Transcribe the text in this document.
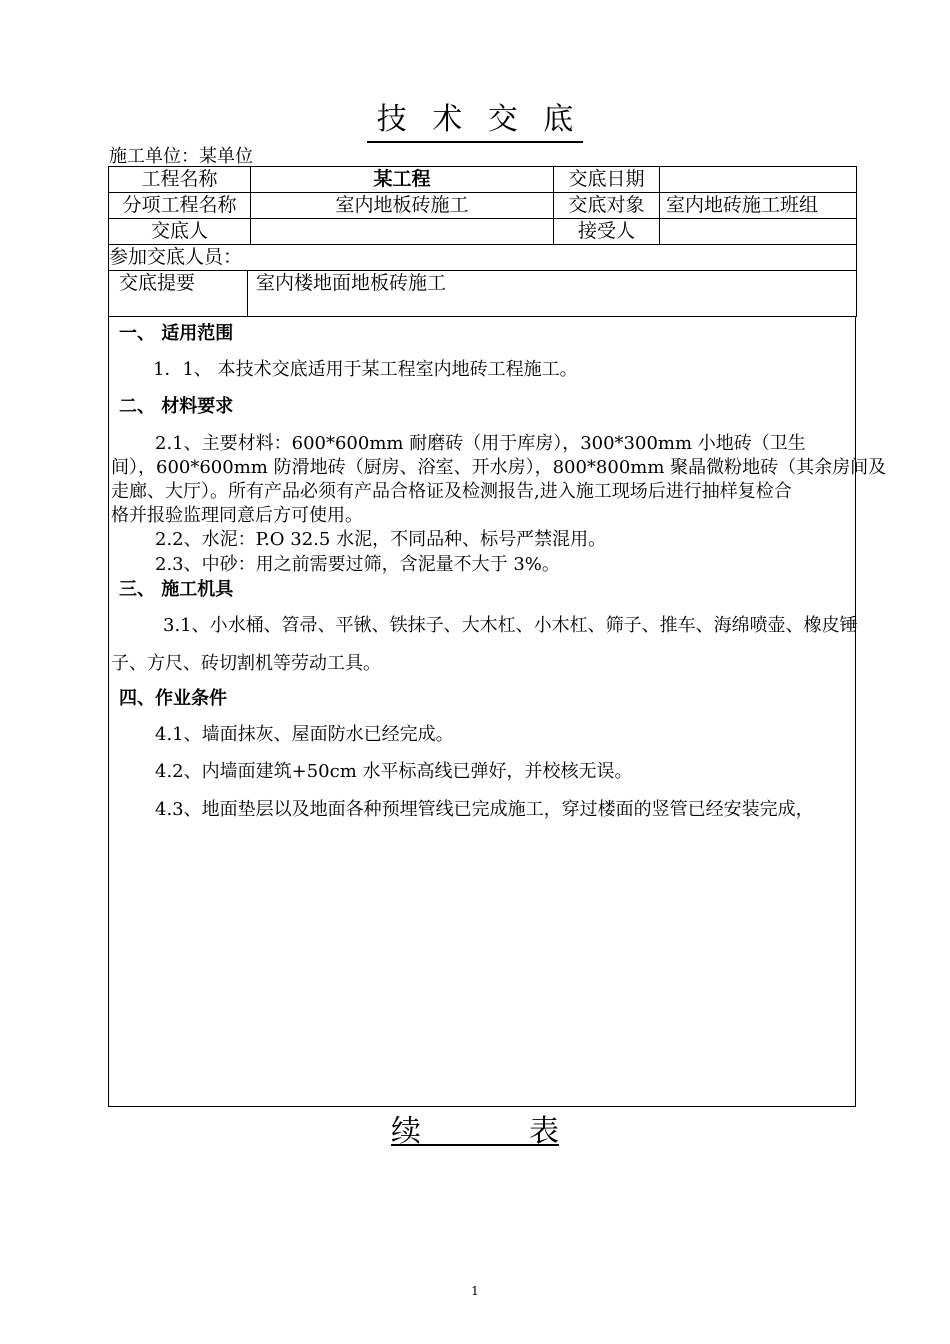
技 术 交 底
施工单位：某单位
工程名称	某工程	交底日期	
分项工程名称	室内地板砖施工	交底对象	室内地砖施工班组
交底人		接受人	
参加交底人员：			

交底提要 室内楼地面地板砖施工			
一、 适用范围
1．1、 本技术交底适用于某工程室内地砖工程施工。
二、 材料要求
2.1、主要材料：600*600mm 耐磨砖（用于库房），300*300mm 小地砖（卫生
间），600*600mm 防滑地砖（厨房、浴室、开水房），800*800mm 聚晶微粉地砖（其余房间及
走廊、大厅）。所有产品必须有产品合格证及检测报告,进入施工现场后进行抽样复检合
格并报验监理同意后方可使用。
2.2、水泥：P.O 32.5 水泥，不同品种、标号严禁混用。
2.3、中砂：用之前需要过筛，含泥量不大于 3%。
三、 施工机具
3.1、小水桶、笤帚、平锹、铁抹子、大木杠、小木杠、筛子、推车、海绵喷壶、橡皮锤
子、方尺、砖切割机等劳动工具。
四、作业条件
4.1、墙面抹灰、屋面防水已经完成。
4.2、内墙面建筑+50cm 水平标高线已弹好，并校核无误。
4.3、地面垫层以及地面各种预埋管线已完成施工，穿过楼面的竖管已经安装完成，
续	表
1
